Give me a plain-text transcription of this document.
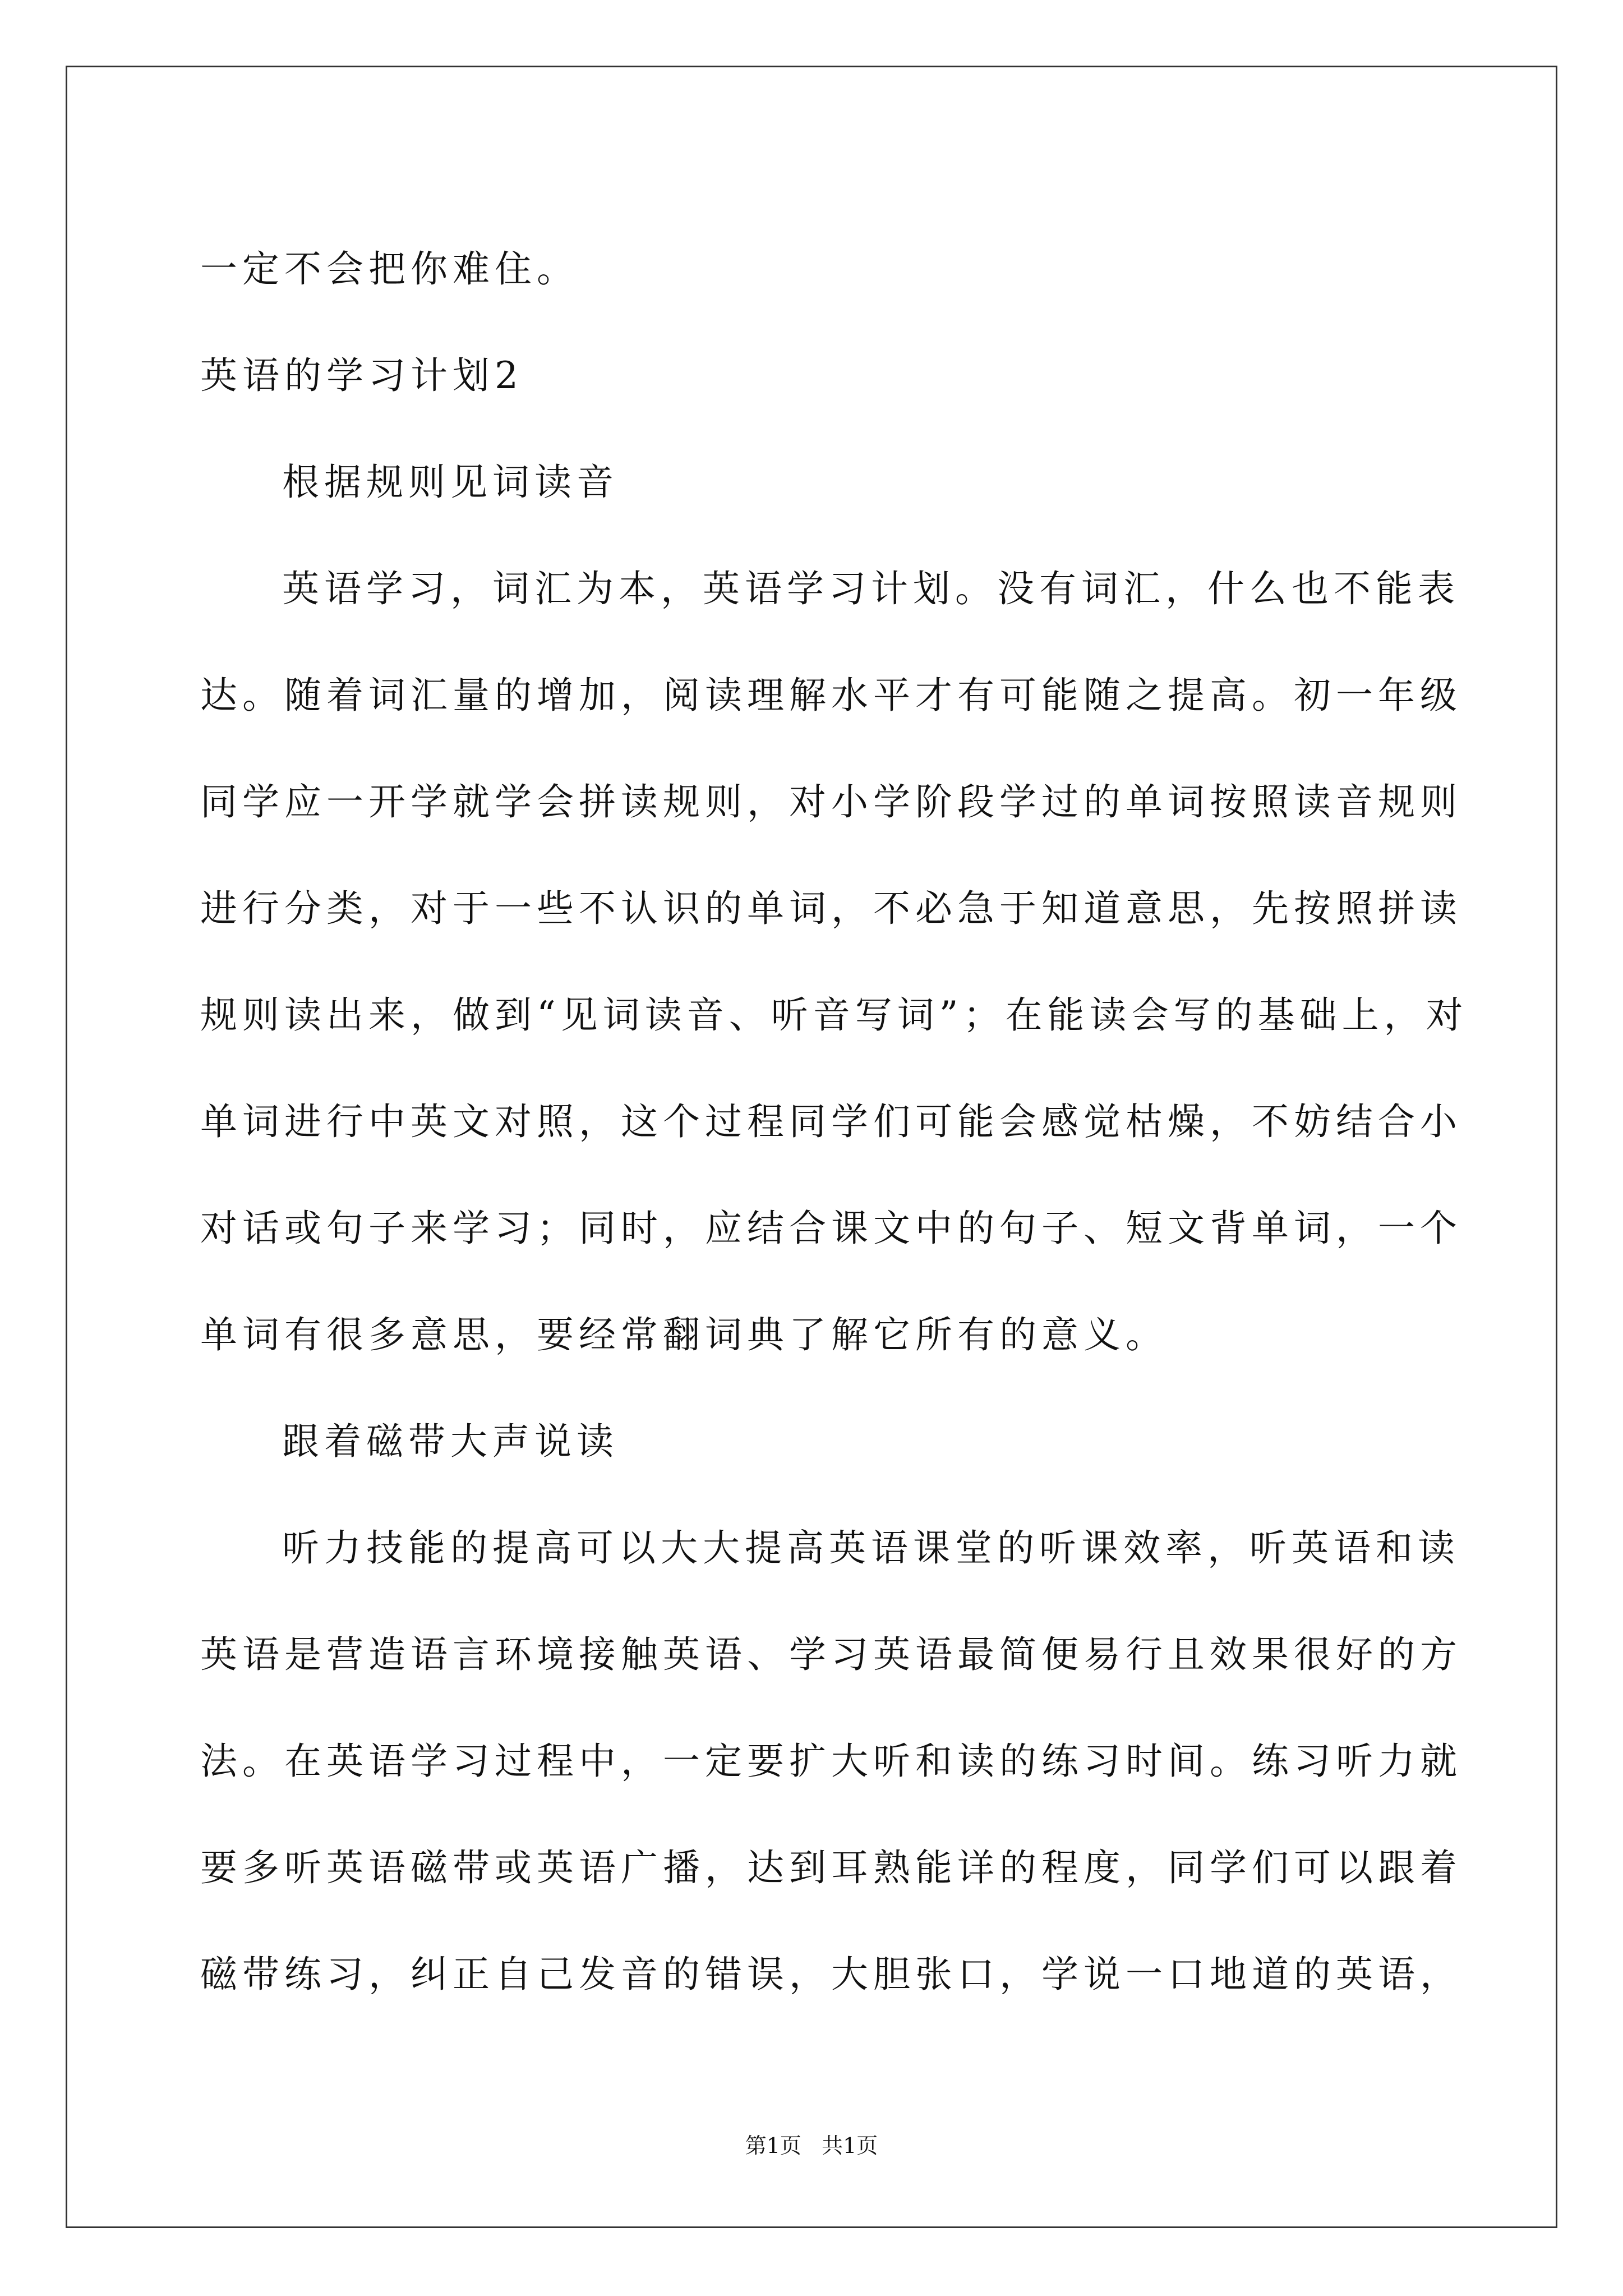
一定不会把你难住。
英语的学习计划2
根据规则见词读音
英语学习，词汇为本，英语学习计划。没有词汇，什么也不能表
达。随着词汇量的增加，阅读理解水平才有可能随之提高。初一年级
同学应一开学就学会拼读规则，对小学阶段学过的单词按照读音规则
进行分类，对于一些不认识的单词，不必急于知道意思，先按照拼读
规则读出来，做到“见词读音、听音写词”；在能读会写的基础上，对
单词进行中英文对照，这个过程同学们可能会感觉枯燥，不妨结合小
对话或句子来学习；同时，应结合课文中的句子、短文背单词，一个
单词有很多意思，要经常翻词典了解它所有的意义。
跟着磁带大声说读
听力技能的提高可以大大提高英语课堂的听课效率，听英语和读
英语是营造语言环境接触英语、学习英语最简便易行且效果很好的方
法。在英语学习过程中，一定要扩大听和读的练习时间。练习听力就
要多听英语磁带或英语广播，达到耳熟能详的程度，同学们可以跟着
磁带练习，纠正自己发音的错误，大胆张口，学说一口地道的英语，
第1页   共1页
